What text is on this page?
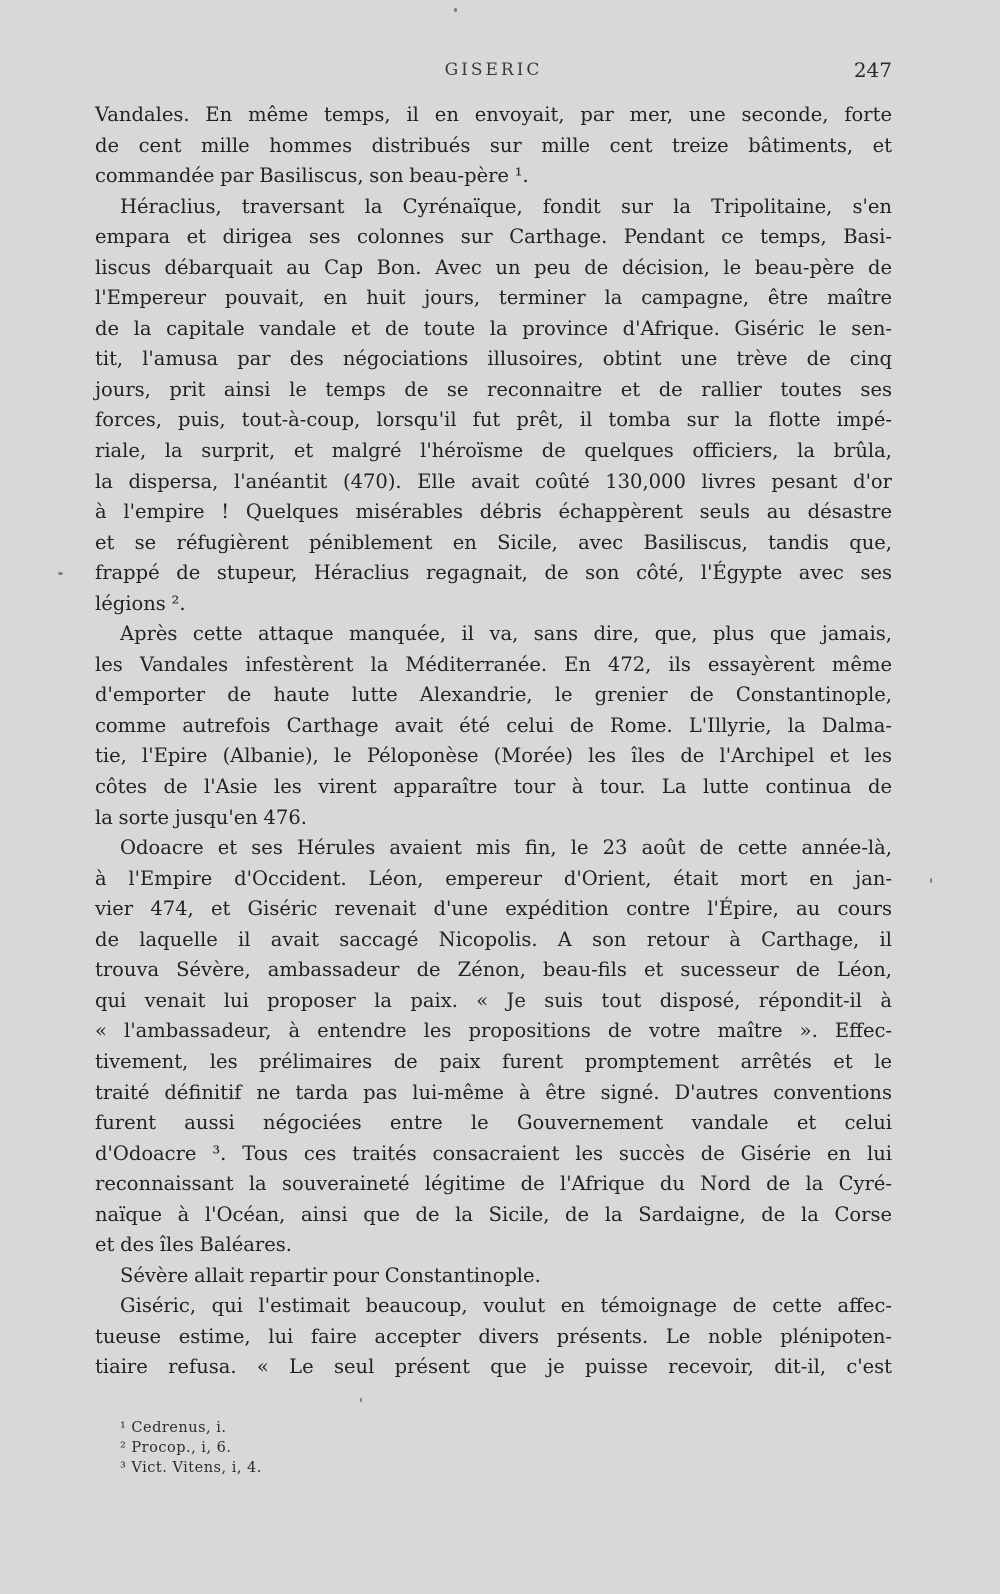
GISERIC	247
Vandales. En même temps, il en envoyait, par mer, une seconde, forte
de cent mille hommes distribués sur mille cent treize bâtiments, et
commandée par Basiliscus, son beau-père ¹.
Héraclius, traversant la Cyrénaïque, fondit sur la Tripolitaine, s'en
empara et dirigea ses colonnes sur Carthage. Pendant ce temps, Basi-
liscus débarquait au Cap Bon. Avec un peu de décision, le beau-père de
l'Empereur pouvait, en huit jours, terminer la campagne, être maître
de la capitale vandale et de toute la province d'Afrique. Giséric le sen-
tit, l'amusa par des négociations illusoires, obtint une trève de cinq
jours, prit ainsi le temps de se reconnaitre et de rallier toutes ses
forces, puis, tout-à-coup, lorsqu'il fut prêt, il tomba sur la flotte impé-
riale, la surprit, et malgré l'héroïsme de quelques officiers, la brûla,
la dispersa, l'anéantit (470). Elle avait coûté 130,000 livres pesant d'or
à l'empire ! Quelques misérables débris échappèrent seuls au désastre
et se réfugièrent péniblement en Sicile, avec Basiliscus, tandis que,
frappé de stupeur, Héraclius regagnait, de son côté, l'Égypte avec ses
légions ².
Après cette attaque manquée, il va, sans dire, que, plus que jamais,
les Vandales infestèrent la Méditerranée. En 472, ils essayèrent même
d'emporter de haute lutte Alexandrie, le grenier de Constantinople,
comme autrefois Carthage avait été celui de Rome. L'Illyrie, la Dalma-
tie, l'Epire (Albanie), le Péloponèse (Morée) les îles de l'Archipel et les
côtes de l'Asie les virent apparaître tour à tour. La lutte continua de
la sorte jusqu'en 476.
Odoacre et ses Hérules avaient mis fin, le 23 août de cette année-là,
à l'Empire d'Occident. Léon, empereur d'Orient, était mort en jan-
vier 474, et Giséric revenait d'une expédition contre l'Épire, au cours
de laquelle il avait saccagé Nicopolis. A son retour à Carthage, il
trouva Sévère, ambassadeur de Zénon, beau-fils et sucesseur de Léon,
qui venait lui proposer la paix. « Je suis tout disposé, répondit-il à
« l'ambassadeur, à entendre les propositions de votre maître ». Effec-
tivement, les prélimaires de paix furent promptement arrêtés et le
traité définitif ne tarda pas lui-même à être signé. D'autres conventions
furent aussi négociées entre le Gouvernement vandale et celui
d'Odoacre ³. Tous ces traités consacraient les succès de Gisérie en lui
reconnaissant la souveraineté légitime de l'Afrique du Nord de la Cyré-
naïque à l'Océan, ainsi que de la Sicile, de la Sardaigne, de la Corse
et des îles Baléares.
Sévère allait repartir pour Constantinople.
Giséric, qui l'estimait beaucoup, voulut en témoignage de cette affec-
tueuse estime, lui faire accepter divers présents. Le noble plénipoten-
tiaire refusa. « Le seul présent que je puisse recevoir, dit-il, c'est
¹ Cedrenus, i.
² Procop., i, 6.
³ Vict. Vitens, i, 4.
